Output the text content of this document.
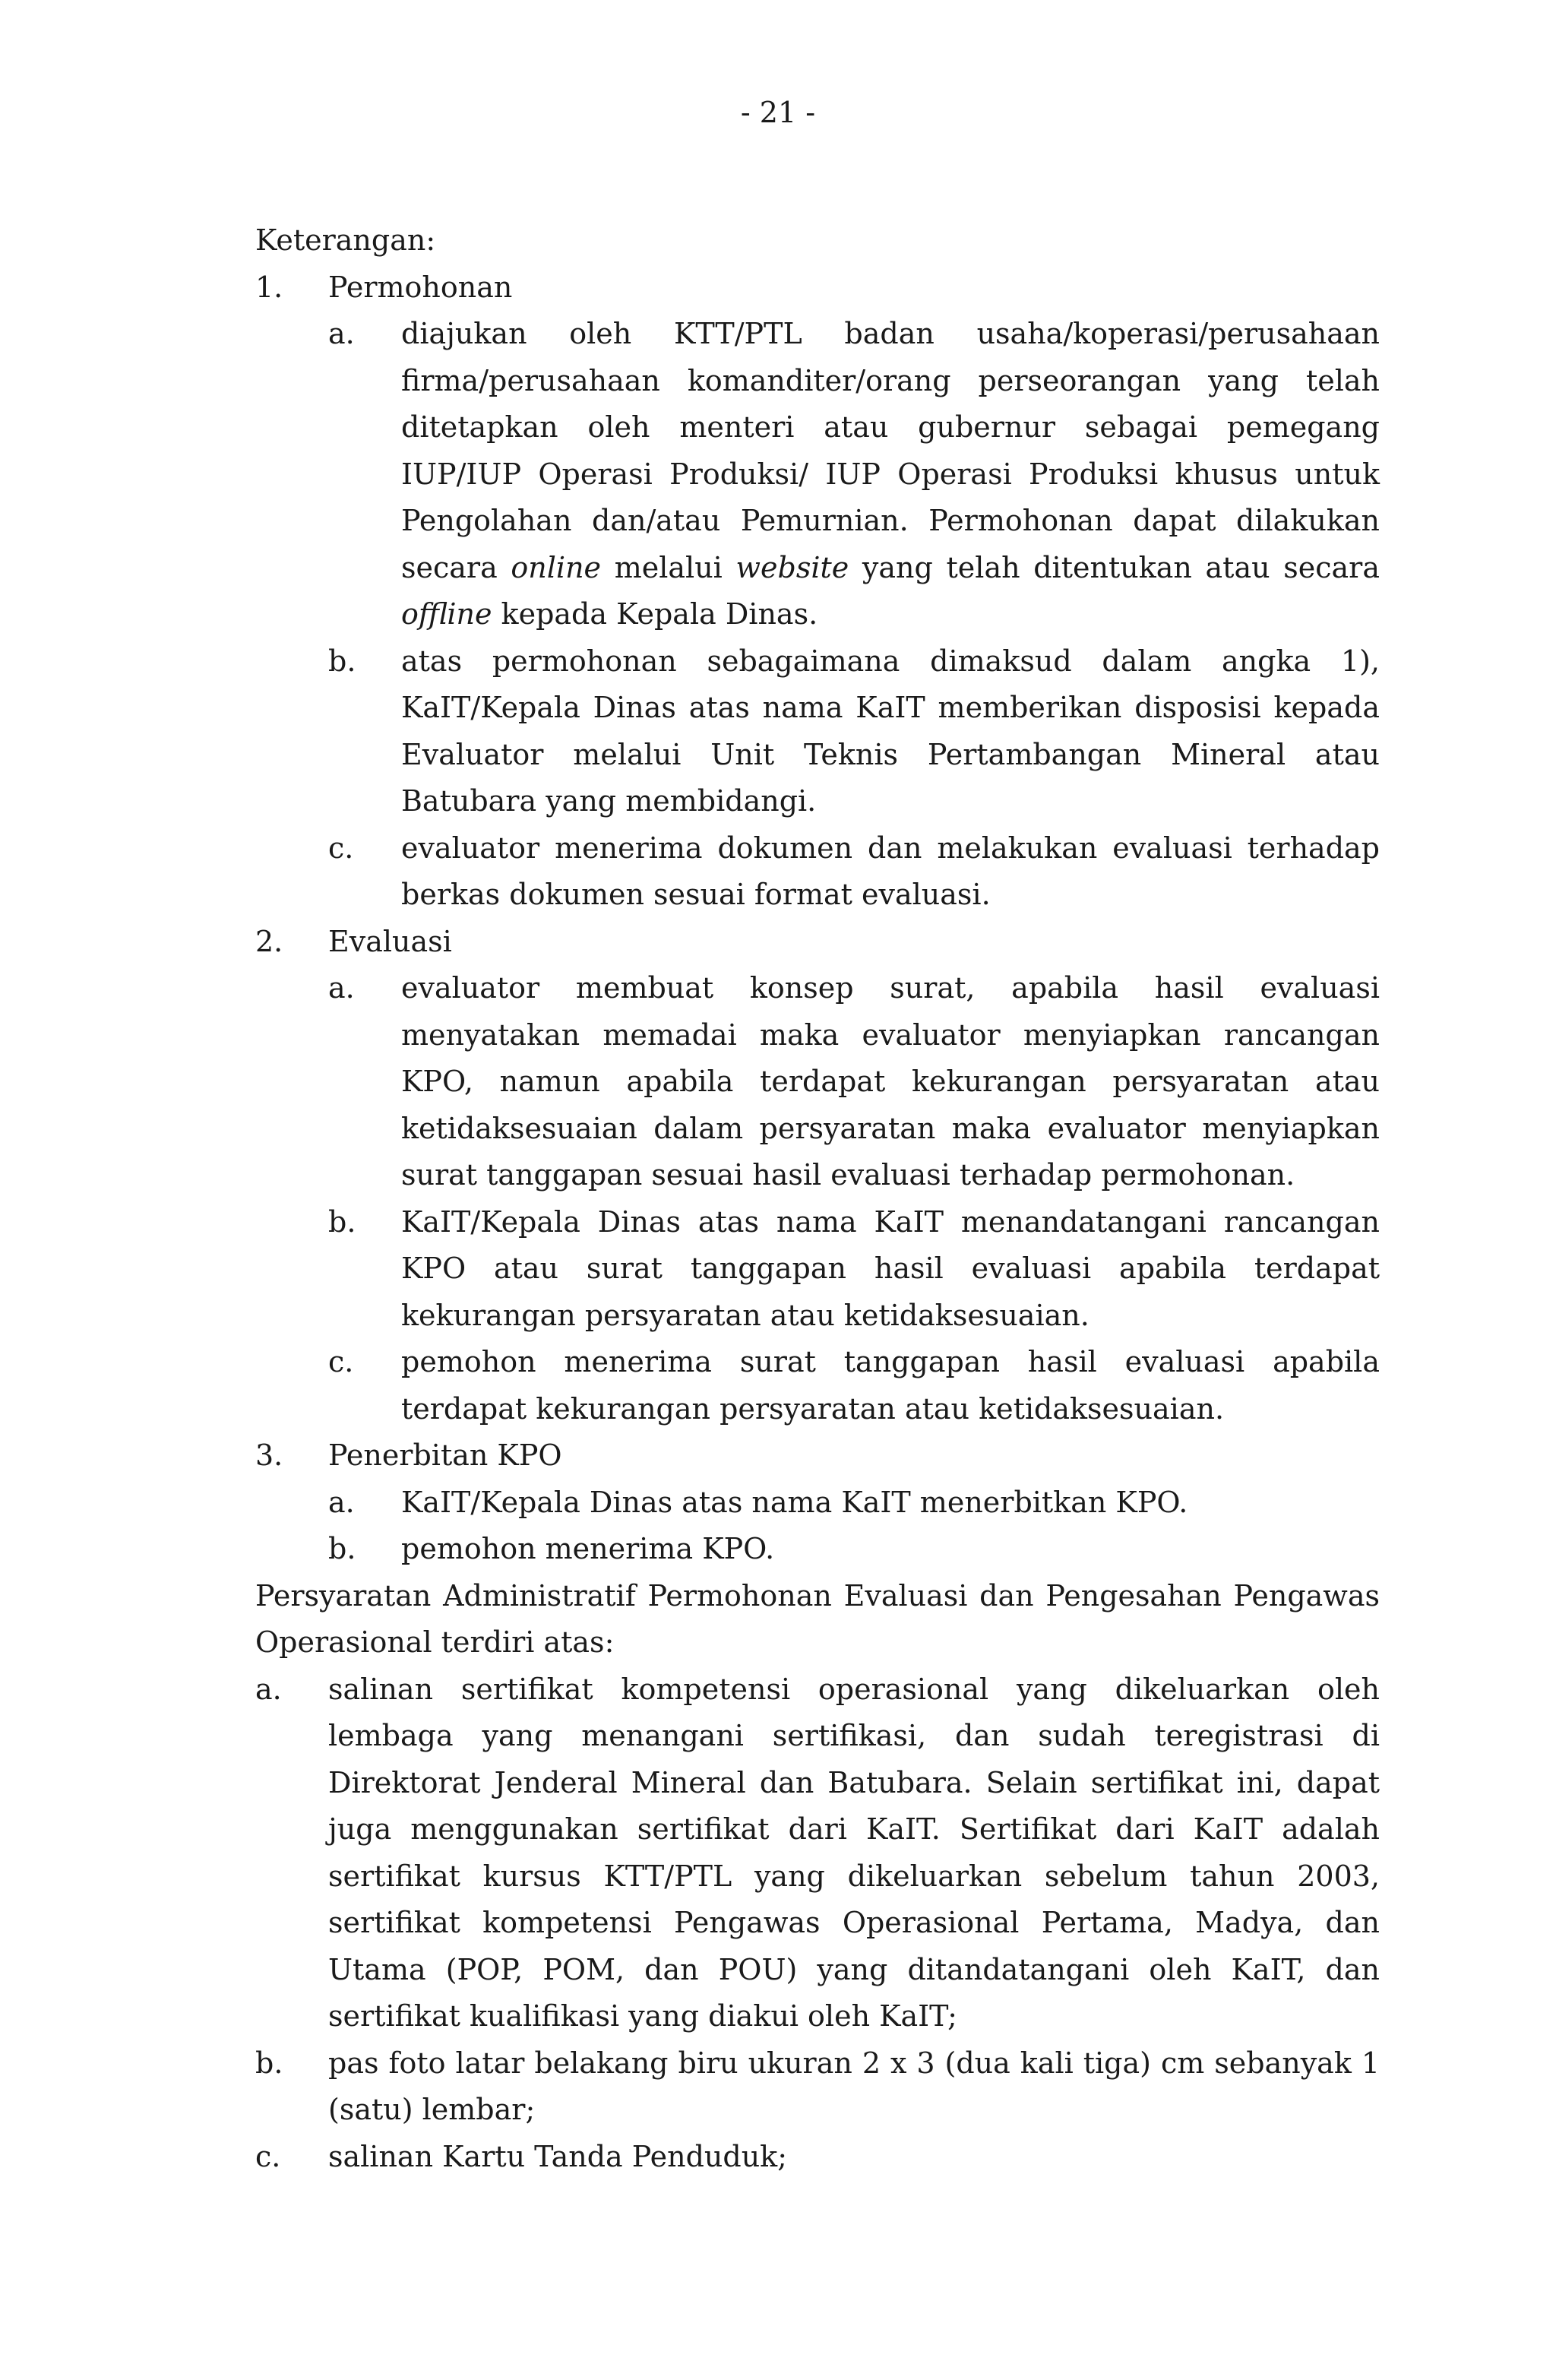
- 21 -
Keterangan:
1.	Permohonan
a.	diajukan oleh KTT/PTL badan usaha/koperasi/perusahaan firma/perusahaan komanditer/orang perseorangan yang telah ditetapkan oleh menteri atau gubernur sebagai pemegang IUP/IUP Operasi Produksi/ IUP Operasi Produksi khusus untuk Pengolahan dan/atau Pemurnian. Permohonan dapat dilakukan secara online melalui website yang telah ditentukan atau secara offline kepada Kepala Dinas.
b.	atas permohonan sebagaimana dimaksud dalam angka 1), KaIT/Kepala Dinas atas nama KaIT memberikan disposisi kepada Evaluator melalui Unit Teknis Pertambangan Mineral atau Batubara yang membidangi.
c.	evaluator menerima dokumen dan melakukan evaluasi terhadap berkas dokumen sesuai format evaluasi.
2.	Evaluasi
a.	evaluator membuat konsep surat, apabila hasil evaluasi menyatakan memadai maka evaluator menyiapkan rancangan KPO, namun apabila terdapat kekurangan persyaratan atau ketidaksesuaian dalam persyaratan maka evaluator menyiapkan surat tanggapan sesuai hasil evaluasi terhadap permohonan.
b.	KaIT/Kepala Dinas atas nama KaIT menandatangani rancangan KPO atau surat tanggapan hasil evaluasi apabila terdapat kekurangan persyaratan atau ketidaksesuaian.
c.	pemohon menerima surat tanggapan hasil evaluasi apabila terdapat kekurangan persyaratan atau ketidaksesuaian.
3.	Penerbitan KPO
a.	KaIT/Kepala Dinas atas nama KaIT menerbitkan KPO.
b.	pemohon menerima KPO.
Persyaratan Administratif Permohonan Evaluasi dan Pengesahan Pengawas Operasional terdiri atas:
a.	salinan sertifikat kompetensi operasional yang dikeluarkan oleh lembaga yang menangani sertifikasi, dan sudah teregistrasi di Direktorat Jenderal Mineral dan Batubara. Selain sertifikat ini, dapat juga menggunakan sertifikat dari KaIT. Sertifikat dari KaIT adalah sertifikat kursus KTT/PTL yang dikeluarkan sebelum tahun 2003, sertifikat kompetensi Pengawas Operasional Pertama, Madya, dan Utama (POP, POM, dan POU) yang ditandatangani oleh KaIT, dan sertifikat kualifikasi yang diakui oleh KaIT;
b.	pas foto latar belakang biru ukuran 2 x 3 (dua kali tiga) cm sebanyak 1 (satu) lembar;
c.	salinan Kartu Tanda Penduduk;
